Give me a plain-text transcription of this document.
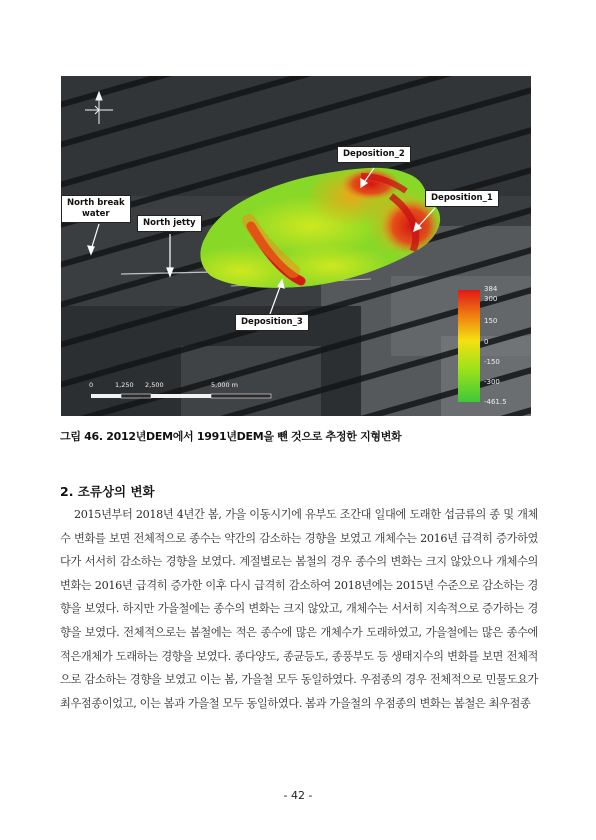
Deposition_2
Deposition_1
Deposition_3
North break
water
North jetty
384
300
150
0
-150
-300
-461.5
0	1,250 2,500	5,000 m
그림 46. 2012년DEM에서 1991년DEM을 뺀 것으로 추정한 지형변화
2. 조류상의 변화
2015년부터 2018년 4년간 봄, 가을 이동시기에 유부도 조간대 일대에 도래한 섭금류의 종 및 개체수 변화를 보면 전체적으로 종수는 약간의 감소하는 경향을 보였고 개체수는 2016년 급격히 증가하였다가 서서히 감소하는 경향을 보였다. 계절별로는 봄철의 경우 종수의 변화는 크지 않았으나 개체수의 변화는 2016년 급격히 증가한 이후 다시 급격히 감소하여 2018년에는 2015년 수준으로 감소하는 경향을 보였다. 하지만 가을철에는 종수의 변화는 크지 않았고, 개체수는 서서히 지속적으로 증가하는 경향을 보였다. 전체적으로는 봄철에는 적은 종수에 많은 개체수가 도래하였고, 가을철에는 많은 종수에 적은개체가 도래하는 경향을 보였다. 종다양도, 종균등도, 종풍부도 등 생태지수의 변화를 보면 전체적으로 감소하는 경향을 보였고 이는 봄, 가을철 모두 동일하였다. 우점종의 경우 전체적으로 민물도요가 최우점종이었고, 이는 봄과 가을철 모두 동일하였다. 봄과 가을철의 우점종의 변화는 봄철은 최우점종
- 42 -
